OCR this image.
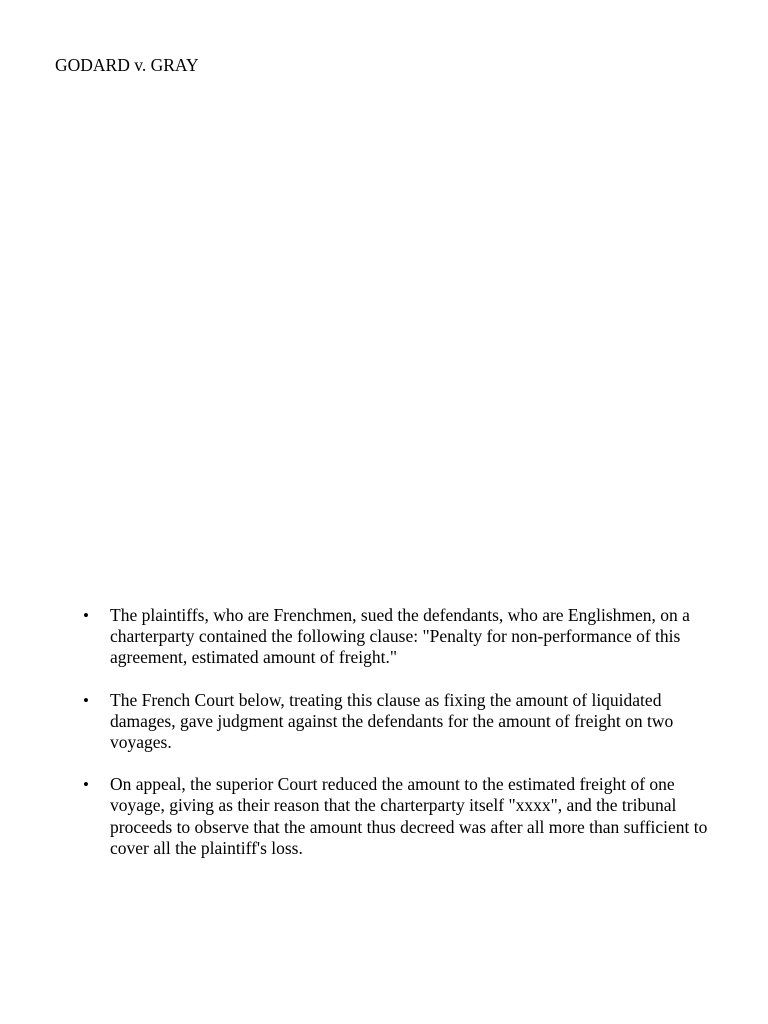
GODARD v. GRAY
• The plaintiffs, who are Frenchmen, sued the defendants, who are Englishmen, on a charterparty contained the following clause: "Penalty for non-performance of this agreement, estimated amount of freight."
• The French Court below, treating this clause as fixing the amount of liquidated damages, gave judgment against the defendants for the amount of freight on two voyages.
• On appeal, the superior Court reduced the amount to the estimated freight of one voyage, giving as their reason that the charterparty itself "xxxx", and the tribunal proceeds to observe that the amount thus decreed was after all more than sufficient to cover all the plaintiff's loss.
